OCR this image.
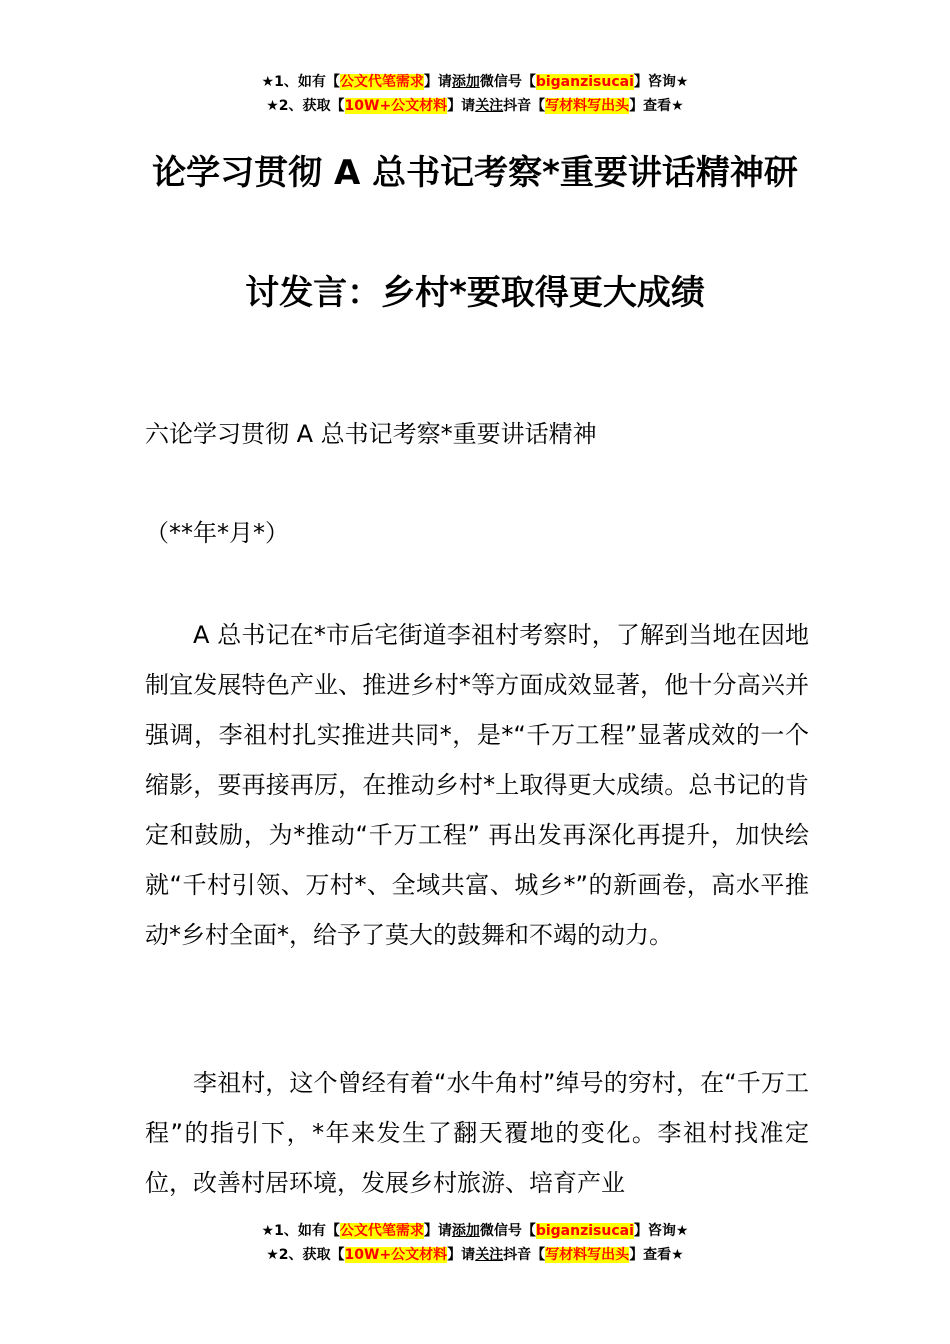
★1、如有【公文代笔需求】请添加微信号【biganzisucai】咨询★
★2、获取【10W+公文材料】请关注抖音【写材料写出头】查看★
论学习贯彻 A 总书记考察*重要讲话精神研
讨发言：乡村*要取得更大成绩
六论学习贯彻 A 总书记考察*重要讲话精神
（**年*月*）
A 总书记在*市后宅街道李祖村考察时，了解到当地在因地制宜发展特色产业、推进乡村*等方面成效显著，他十分高兴并强调，李祖村扎实推进共同*，是*“千万工程”显著成效的一个缩影，要再接再厉，在推动乡村*上取得更大成绩。总书记的肯定和鼓励，为*推动“千万工程” 再出发再深化再提升，加快绘就“千村引领、万村*、全域共富、城乡*”的新画卷，高水平推动*乡村全面*，给予了莫大的鼓舞和不竭的动力。
李祖村，这个曾经有着“水牛角村”绰号的穷村，在“千万工程”的指引下，*年来发生了翻天覆地的变化。李祖村找准定位，改善村居环境，发展乡村旅游、培育产业
★1、如有【公文代笔需求】请添加微信号【biganzisucai】咨询★
★2、获取【10W+公文材料】请关注抖音【写材料写出头】查看★
